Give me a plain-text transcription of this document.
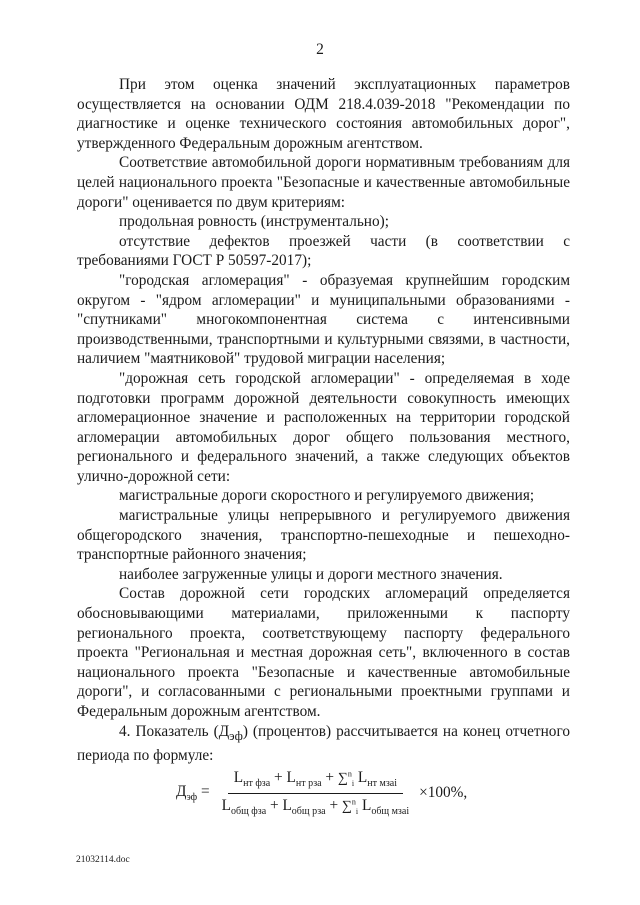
2

При этом оценка значений эксплуатационных параметров осуществляется на основании ОДМ 218.4.039-2018 "Рекомендации по диагностике и оценке технического состояния автомобильных дорог", утвержденного Федеральным дорожным агентством.

Соответствие автомобильной дороги нормативным требованиям для целей национального проекта "Безопасные и качественные автомобильные дороги" оценивается по двум критериям:

продольная ровность (инструментально);

отсутствие дефектов проезжей части (в соответствии с требованиями ГОСТ Р 50597-2017);

"городская агломерация" - образуемая крупнейшим городским округом - "ядром агломерации" и муниципальными образованиями - "спутниками" многокомпонентная система с интенсивными производственными, транспортными и культурными связями, в частности, наличием "маятниковой" трудовой миграции населения;

"дорожная сеть городской агломерации" - определяемая в ходе подготовки программ дорожной деятельности совокупность имеющих агломерационное значение и расположенных на территории городской агломерации автомобильных дорог общего пользования местного, регионального и федерального значений, а также следующих объектов улично-дорожной сети:

магистральные дороги скоростного и регулируемого движения;

магистральные улицы непрерывного и регулируемого движения общегородского значения, транспортно-пешеходные и пешеходно-транспортные районного значения;

наиболее загруженные улицы и дороги местного значения.

Состав дорожной сети городских агломераций определяется обосновывающими материалами, приложенными к паспорту регионального проекта, соответствующему паспорту федерального проекта "Региональная и местная дорожная сеть", включенного в состав национального проекта "Безопасные и качественные автомобильные дороги", и согласованными с региональными проектными группами и Федеральным дорожным агентством.

4. Показатель $(Д_{эф})$ (процентов) рассчитывается на конец отчетного периода по формуле:

$Д_{эф} = \frac{L_{нт фза} + L_{нт рза} + \sum^n_i L_{нт мзаi}}{L_{общ фза} + L_{общ рза} + \sum^n_i L_{общ мзаi}} \times 100\%$,
21032114.doc
